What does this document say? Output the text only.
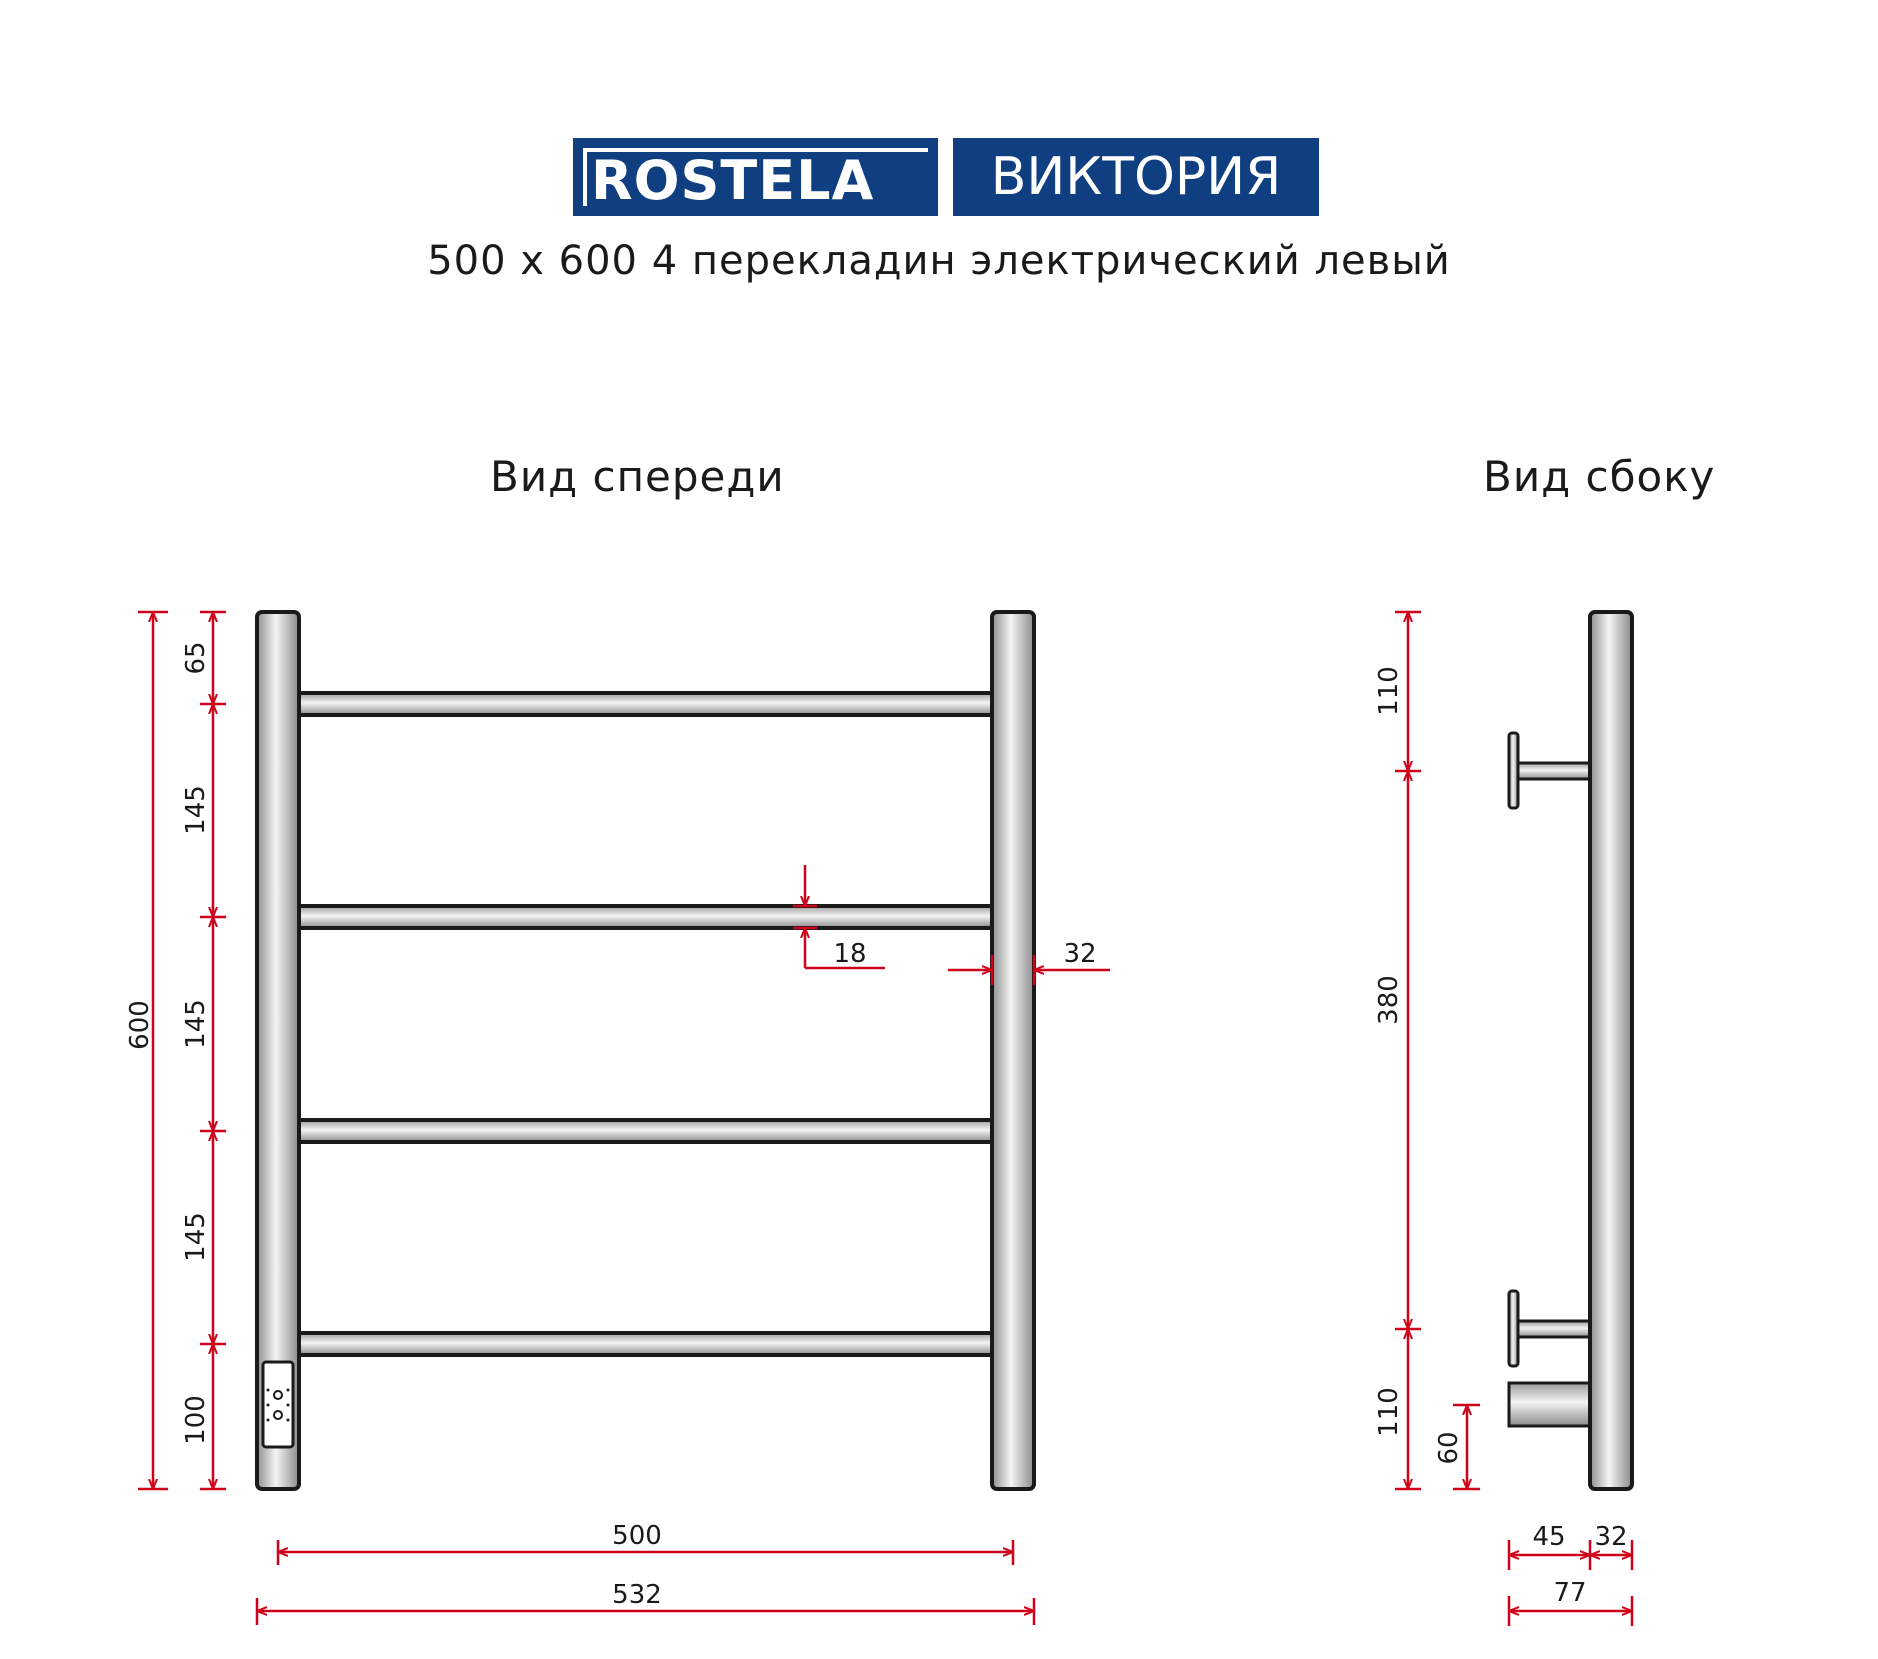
ROSTELA	ВИКТОРИЯ
500 x 600 4 перекладин электрический левый
Вид спереди	Вид сбоку
600
65
145
145
145
100
18	32
500
532
110
380
110
60
45 32
77
